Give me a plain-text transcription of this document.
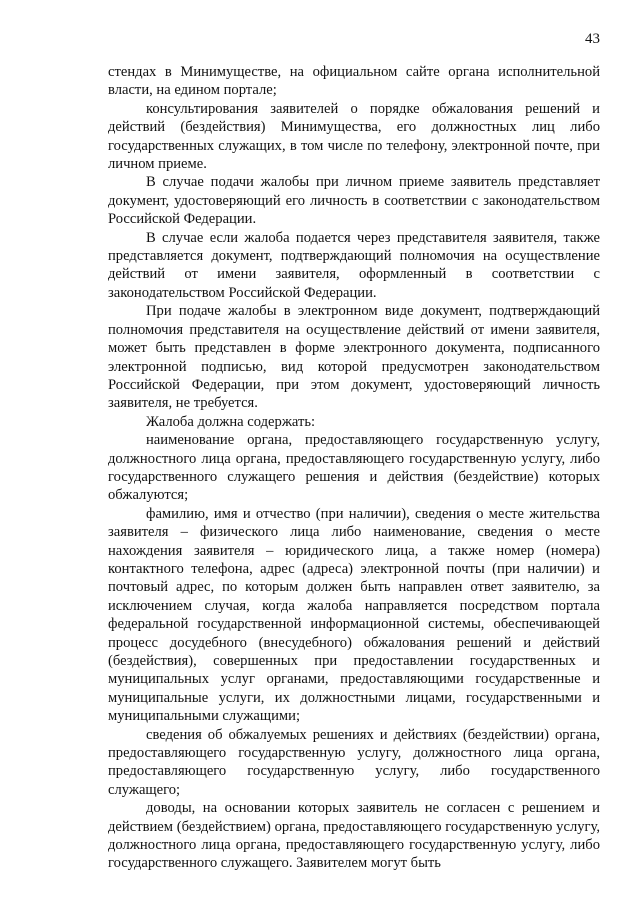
43

стендах в Минимуществе, на официальном сайте органа исполнительной власти, на едином портале;

консультирования заявителей о порядке обжалования решений и действий (бездействия) Минимущества, его должностных лиц либо государственных служащих, в том числе по телефону, электронной почте, при личном приеме.

В случае подачи жалобы при личном приеме заявитель представляет документ, удостоверяющий его личность в соответствии с законодательством Российской Федерации.

В случае если жалоба подается через представителя заявителя, также представляется документ, подтверждающий полномочия на осуществление действий от имени заявителя, оформленный в соответствии с законодательством Российской Федерации.

При подаче жалобы в электронном виде документ, подтверждающий полномочия представителя на осуществление действий от имени заявителя, может быть представлен в форме электронного документа, подписанного электронной подписью, вид которой предусмотрен законодательством Российской Федерации, при этом документ, удостоверяющий личность заявителя, не требуется.

Жалоба должна содержать:

наименование органа, предоставляющего государственную услугу, должностного лица органа, предоставляющего государственную услугу, либо государственного служащего решения и действия (бездействие) которых обжалуются;

фамилию, имя и отчество (при наличии), сведения о месте жительства заявителя – физического лица либо наименование, сведения о месте нахождения заявителя – юридического лица, а также номер (номера) контактного телефона, адрес (адреса) электронной почты (при наличии) и почтовый адрес, по которым должен быть направлен ответ заявителю, за исключением случая, когда жалоба направляется посредством портала федеральной государственной информационной системы, обеспечивающей процесс досудебного (внесудебного) обжалования решений и действий (бездействия), совершенных при предоставлении государственных и муниципальных услуг органами, предоставляющими государственные и муниципальные услуги, их должностными лицами, государственными и муниципальными служащими;

сведения об обжалуемых решениях и действиях (бездействии) органа, предоставляющего государственную услугу, должностного лица органа, предоставляющего государственную услугу, либо государственного служащего;

доводы, на основании которых заявитель не согласен с решением и действием (бездействием) органа, предоставляющего государственную услугу, должностного лица органа, предоставляющего государственную услугу, либо государственного служащего. Заявителем могут быть
